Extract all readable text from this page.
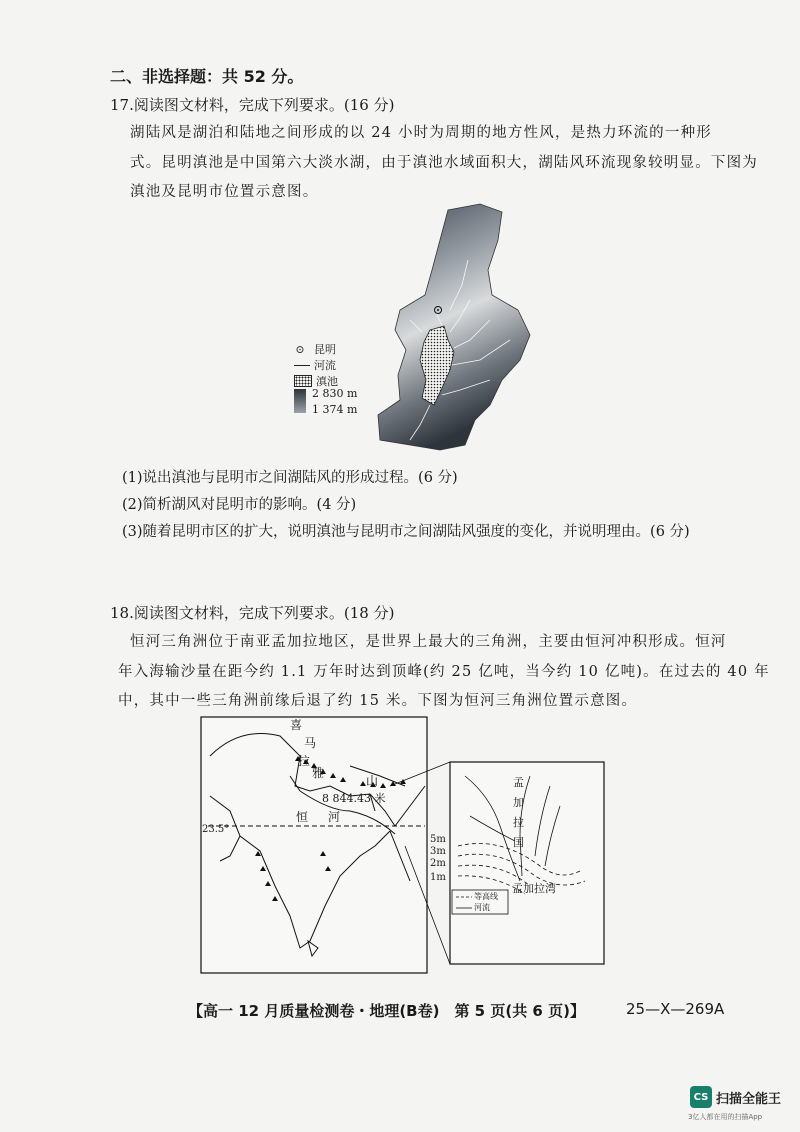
二、非选择题：共 52 分。
17.阅读图文材料，完成下列要求。(16 分)
湖陆风是湖泊和陆地之间形成的以 24 小时为周期的地方性风，是热力环流的一种形
式。昆明滇池是中国第六大淡水湖，由于滇池水域面积大，湖陆风环流现象较明显。下图为
滇池及昆明市位置示意图。
⊙ 昆明
河流
滇池
2 830 m
1 374 m
(1)说出滇池与昆明市之间湖陆风的形成过程。(6 分)
(2)简析湖风对昆明市的影响。(4 分)
(3)随着昆明市区的扩大，说明滇池与昆明市之间湖陆风强度的变化，并说明理由。(6 分)
18.阅读图文材料，完成下列要求。(18 分)
恒河三角洲位于南亚孟加拉地区，是世界上最大的三角洲，主要由恒河冲积形成。恒河
年入海输沙量在距今约 1.1 万年时达到顶峰(约 25 亿吨，当今约 10 亿吨)。在过去的 40 年
中，其中一些三角洲前缘后退了约 15 米。下图为恒河三角洲位置示意图。
喜
马
拉
雅
山
8 844.43 米
恒 河
23.5°
孟
加
拉
国
孟加拉湾
5m
3m
2m
1m
等高线
河流
【高一 12 月质量检测卷・地理(B卷)　第 5 页(共 6 页)】	25—X—269A
CS 扫描全能王
3亿人都在用的扫描App
